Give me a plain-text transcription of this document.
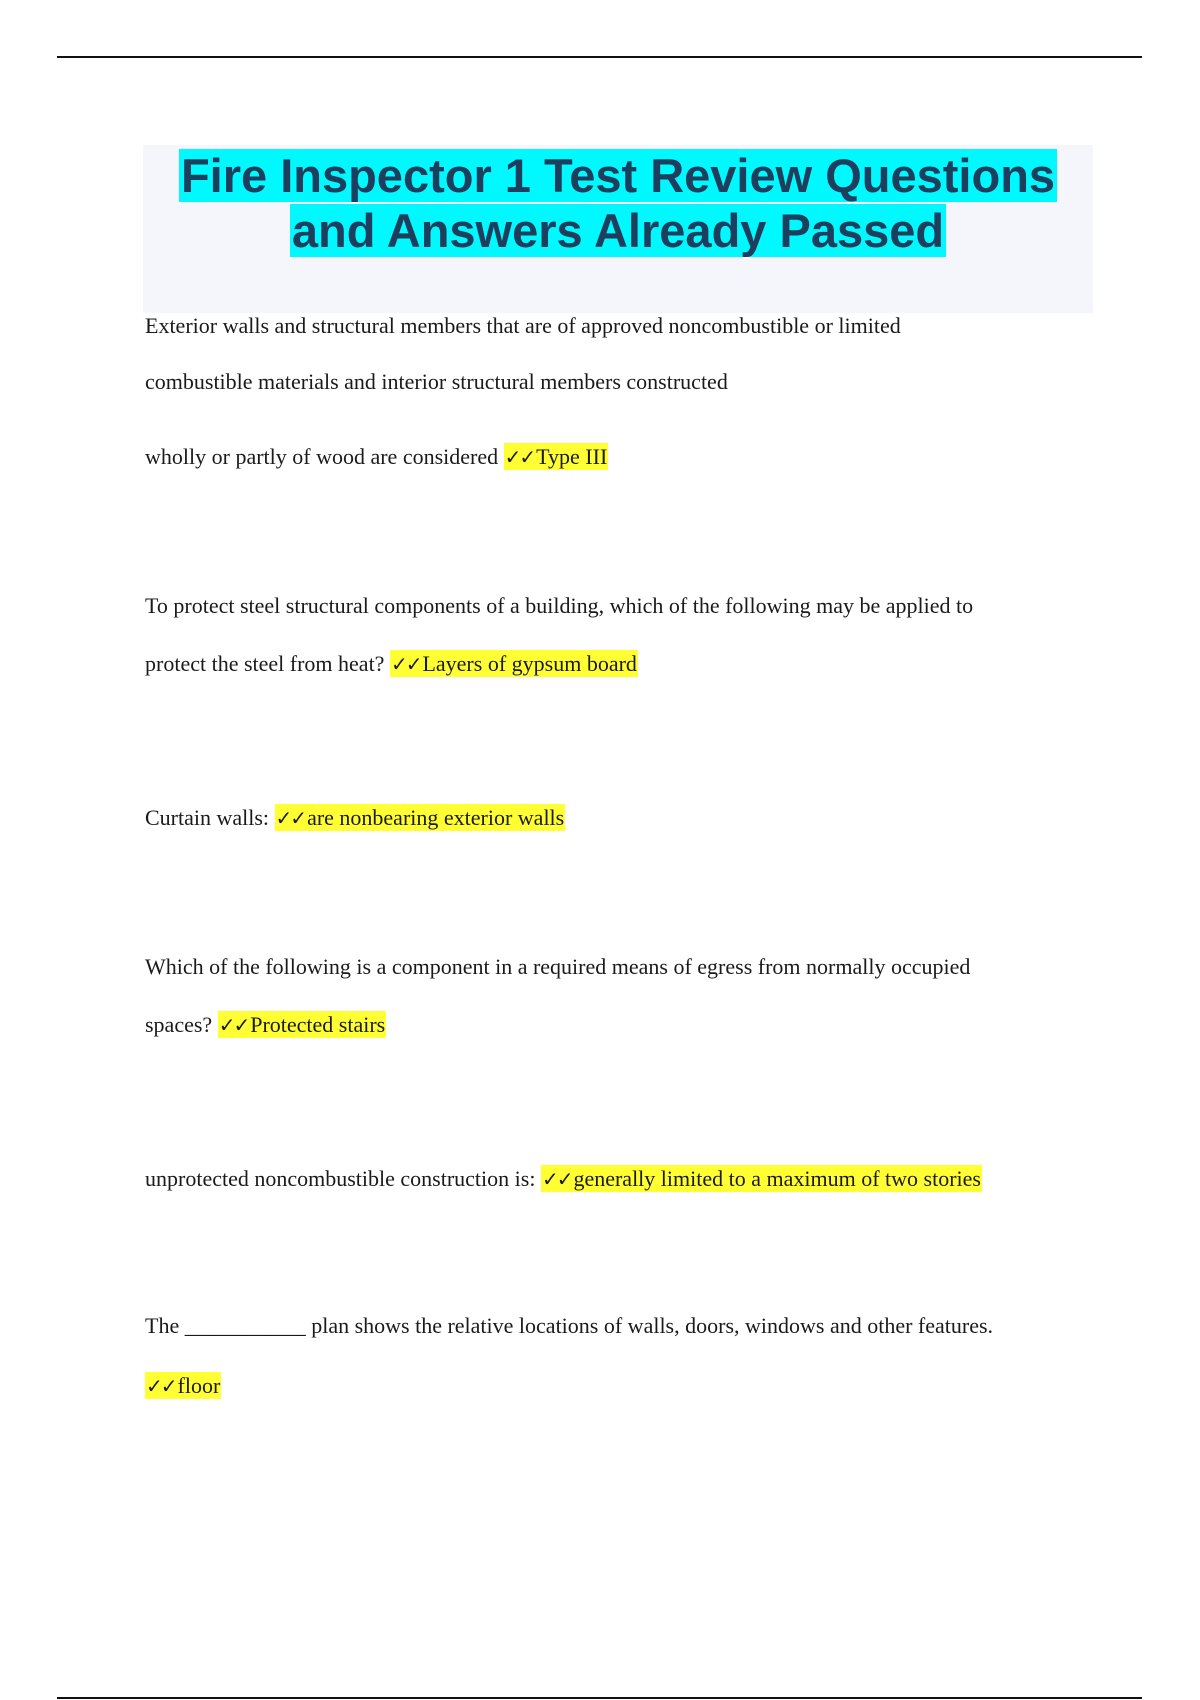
Fire Inspector 1 Test Review Questions
and Answers Already Passed

Exterior walls and structural members that are of approved noncombustible or limited

combustible materials and interior structural members constructed

wholly or partly of wood are considered ✓✓Type III

To protect steel structural components of a building, which of the following may be applied to

protect the steel from heat? ✓✓Layers of gypsum board

Curtain walls: ✓✓are nonbearing exterior walls

Which of the following is a component in a required means of egress from normally occupied

spaces? ✓✓Protected stairs

unprotected noncombustible construction is: ✓✓generally limited to a maximum of two stories

The ___________ plan shows the relative locations of walls, doors, windows and other features.

✓✓floor
